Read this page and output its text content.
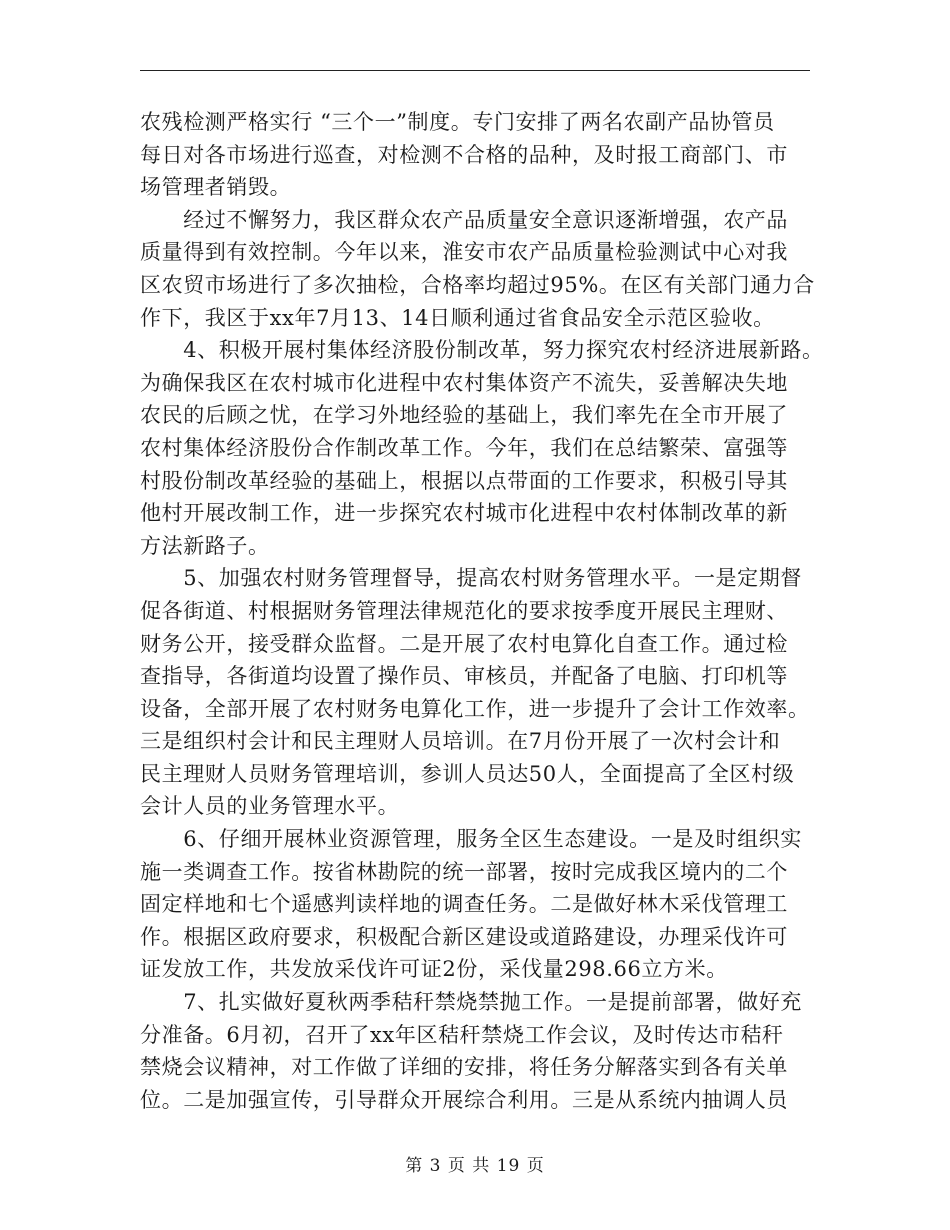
农残检测严格实行 “三个一”制度。专门安排了两名农副产品协管员
每日对各市场进行巡查，对检测不合格的品种，及时报工商部门、市
场管理者销毁。

　　经过不懈努力，我区群众农产品质量安全意识逐渐增强，农产品
质量得到有效控制。今年以来，淮安市农产品质量检验测试中心对我
区农贸市场进行了多次抽检，合格率均超过95%。在区有关部门通力合
作下，我区于xx年7月13、14日顺利通过省食品安全示范区验收。

　　4、积极开展村集体经济股份制改革，努力探究农村经济进展新路。
为确保我区在农村城市化进程中农村集体资产不流失，妥善解决失地
农民的后顾之忧，在学习外地经验的基础上，我们率先在全市开展了
农村集体经济股份合作制改革工作。今年，我们在总结繁荣、富强等
村股份制改革经验的基础上，根据以点带面的工作要求，积极引导其
他村开展改制工作，进一步探究农村城市化进程中农村体制改革的新
方法新路子。

　　5、加强农村财务管理督导，提高农村财务管理水平。一是定期督
促各街道、村根据财务管理法律规范化的要求按季度开展民主理财、
财务公开，接受群众监督。二是开展了农村电算化自查工作。通过检
查指导，各街道均设置了操作员、审核员，并配备了电脑、打印机等
设备，全部开展了农村财务电算化工作，进一步提升了会计工作效率。
三是组织村会计和民主理财人员培训。在7月份开展了一次村会计和
民主理财人员财务管理培训，参训人员达50人，全面提高了全区村级
会计人员的业务管理水平。

　　6、仔细开展林业资源管理，服务全区生态建设。一是及时组织实
施一类调查工作。按省林勘院的统一部署，按时完成我区境内的二个
固定样地和七个遥感判读样地的调查任务。二是做好林木采伐管理工
作。根据区政府要求，积极配合新区建设或道路建设，办理采伐许可
证发放工作，共发放采伐许可证2份，采伐量298.66立方米。

　　7、扎实做好夏秋两季秸秆禁烧禁抛工作。一是提前部署，做好充
分准备。6月初，召开了xx年区秸秆禁烧工作会议，及时传达市秸秆
禁烧会议精神，对工作做了详细的安排，将任务分解落实到各有关单
位。二是加强宣传，引导群众开展综合利用。三是从系统内抽调人员

第 3 页 共 19 页
